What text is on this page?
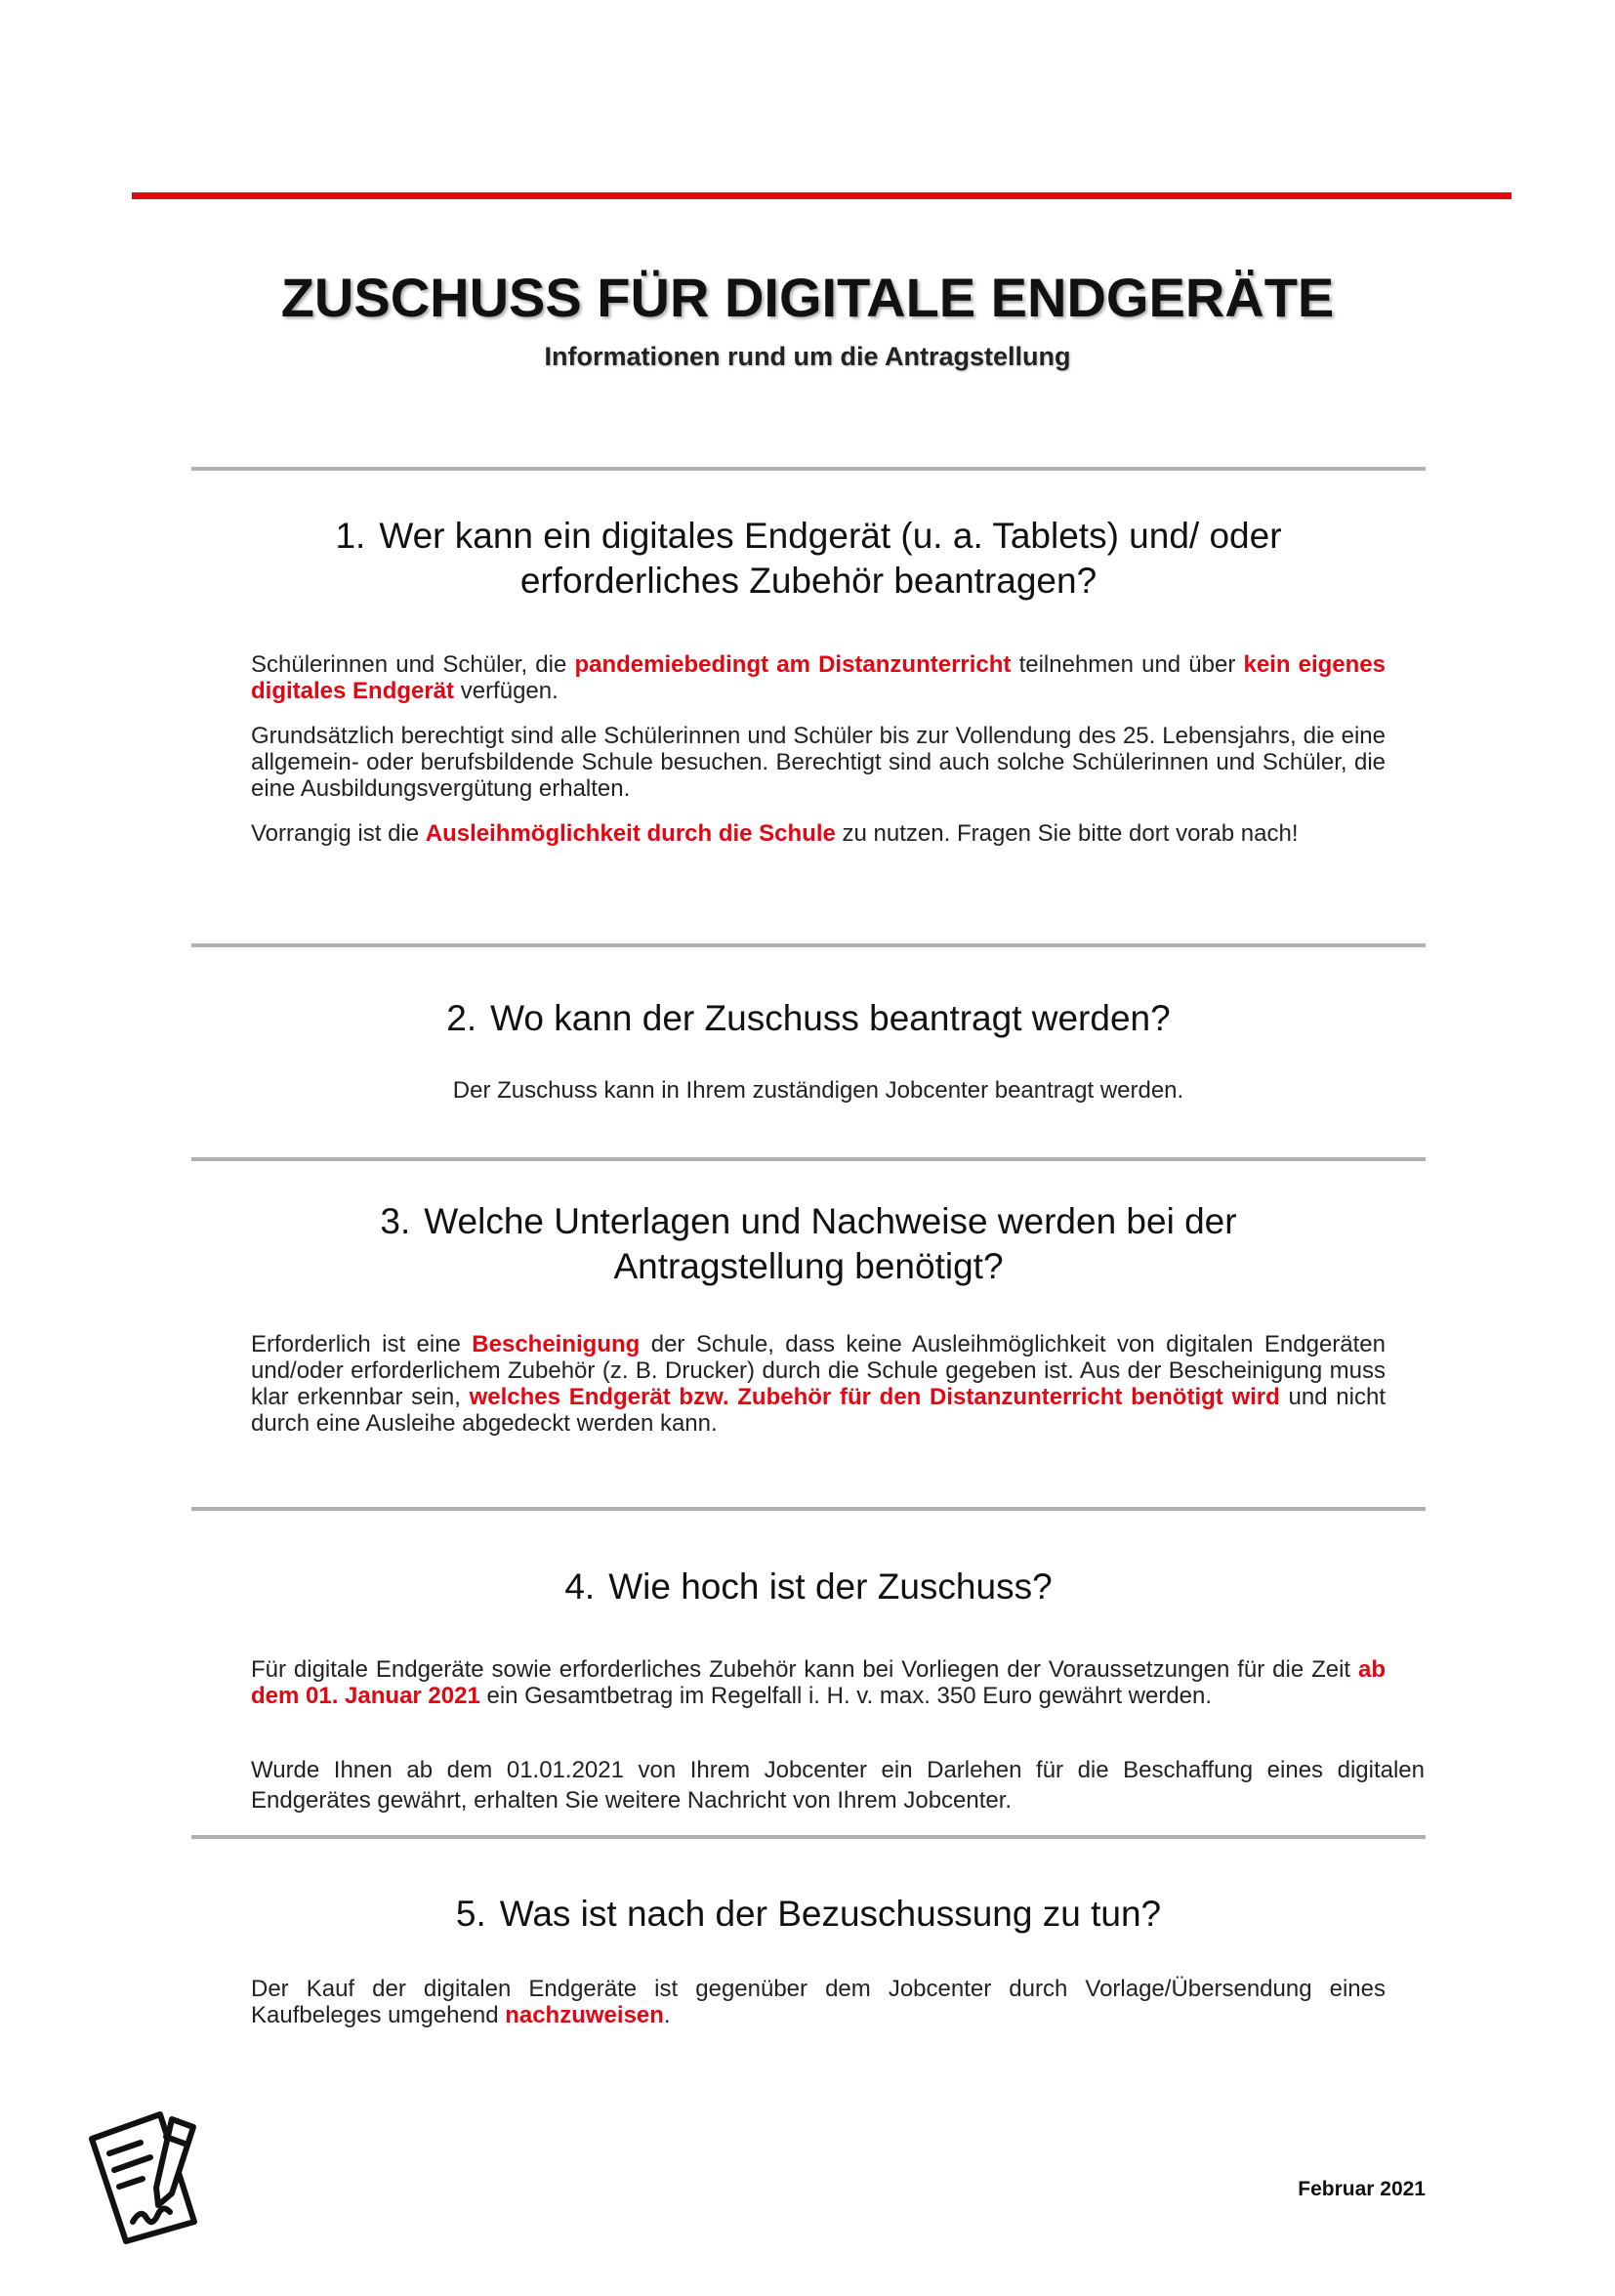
ZUSCHUSS FÜR DIGITALE ENDGERÄTE
Informationen rund um die Antragstellung
1. Wer kann ein digitales Endgerät (u. a. Tablets) und/ oder
erforderliches Zubehör beantragen?

Schülerinnen und Schüler, die pandemiebedingt am Distanzunterricht teilnehmen und über kein eigenes digitales Endgerät verfügen.

Grundsätzlich berechtigt sind alle Schülerinnen und Schüler bis zur Vollendung des 25. Lebensjahrs, die eine allgemein- oder berufsbildende Schule besuchen. Berechtigt sind auch solche Schülerinnen und Schüler, die eine Ausbildungsvergütung erhalten.

Vorrangig ist die Ausleihmöglichkeit durch die Schule zu nutzen. Fragen Sie bitte dort vorab nach!

2. Wo kann der Zuschuss beantragt werden?

Der Zuschuss kann in Ihrem zuständigen Jobcenter beantragt werden.

3. Welche Unterlagen und Nachweise werden bei der
Antragstellung benötigt?

Erforderlich ist eine Bescheinigung der Schule, dass keine Ausleihmöglichkeit von digitalen Endgeräten und/oder erforderlichem Zubehör (z. B. Drucker) durch die Schule gegeben ist. Aus der Bescheinigung muss klar erkennbar sein, welches Endgerät bzw. Zubehör für den Distanzunterricht benötigt wird und nicht durch eine Ausleihe abgedeckt werden kann.

4. Wie hoch ist der Zuschuss?

Für digitale Endgeräte sowie erforderliches Zubehör kann bei Vorliegen der Voraussetzungen für die Zeit ab dem 01. Januar 2021 ein Gesamtbetrag im Regelfall i. H. v. max. 350 Euro gewährt werden.

Wurde Ihnen ab dem 01.01.2021 von Ihrem Jobcenter ein Darlehen für die Beschaffung eines digitalen Endgerätes gewährt, erhalten Sie weitere Nachricht von Ihrem Jobcenter.

5. Was ist nach der Bezuschussung zu tun?

Der Kauf der digitalen Endgeräte ist gegenüber dem Jobcenter durch Vorlage/Übersendung eines Kaufbeleges umgehend nachzuweisen.

Februar 2021
